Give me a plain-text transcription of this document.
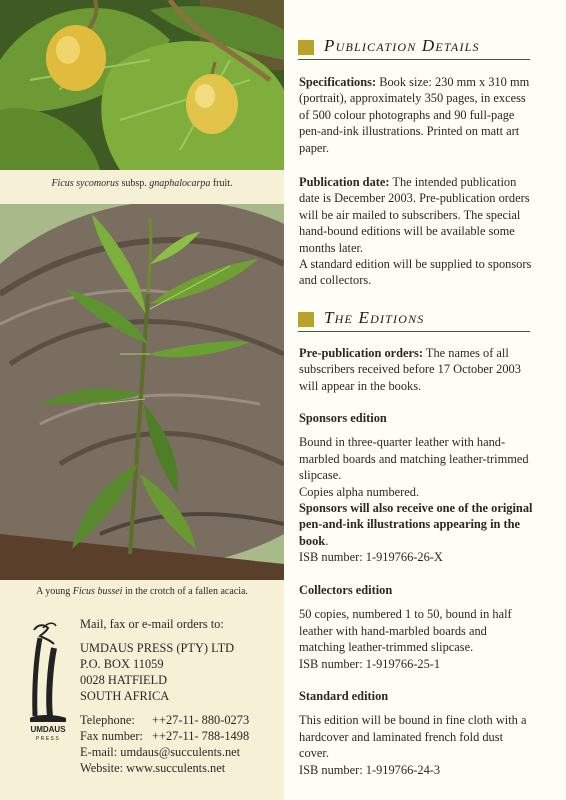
Ficus sycomorus subsp. gnaphalocarpa fruit.
A young Ficus bussei in the crotch of a fallen acacia.
UMDAUS
PRESS
Mail, fax or e-mail orders to:
UMDAUS PRESS (PTY) LTD
P.O. BOX 11059
0028 HATFIELD
SOUTH AFRICA
Telephone: ++27-11- 880-0273
Fax number: ++27-11- 788-1498
E-mail: umdaus@succulents.net
Website: www.succulents.net
Publication Details
Specifications: Book size: 230 mm x 310 mm (portrait), approximately 350 pages, in excess of 500 colour photographs and 90 full-page pen-and-ink illustrations. Printed on matt art paper.
Publication date: The intended publication date is December 2003. Pre-publication orders will be air mailed to subscribers. The special hand-bound editions will be available some months later.
A standard edition will be supplied to sponsors and collectors.
The Editions
Pre-publication orders: The names of all subscribers received before 17 October 2003 will appear in the books.
Sponsors edition
Bound in three-quarter leather with hand-marbled boards and matching leather-trimmed slipcase.
Copies alpha numbered.
Sponsors will also receive one of the original pen-and-ink illustrations appearing in the book.
ISB number: 1-919766-26-X
Collectors edition
50 copies, numbered 1 to 50, bound in half leather with hand-marbled boards and matching leather-trimmed slipcase.
ISB number: 1-919766-25-1
Standard edition
This edition will be bound in fine cloth with a hardcover and laminated french fold dust cover.
ISB number: 1-919766-24-3
